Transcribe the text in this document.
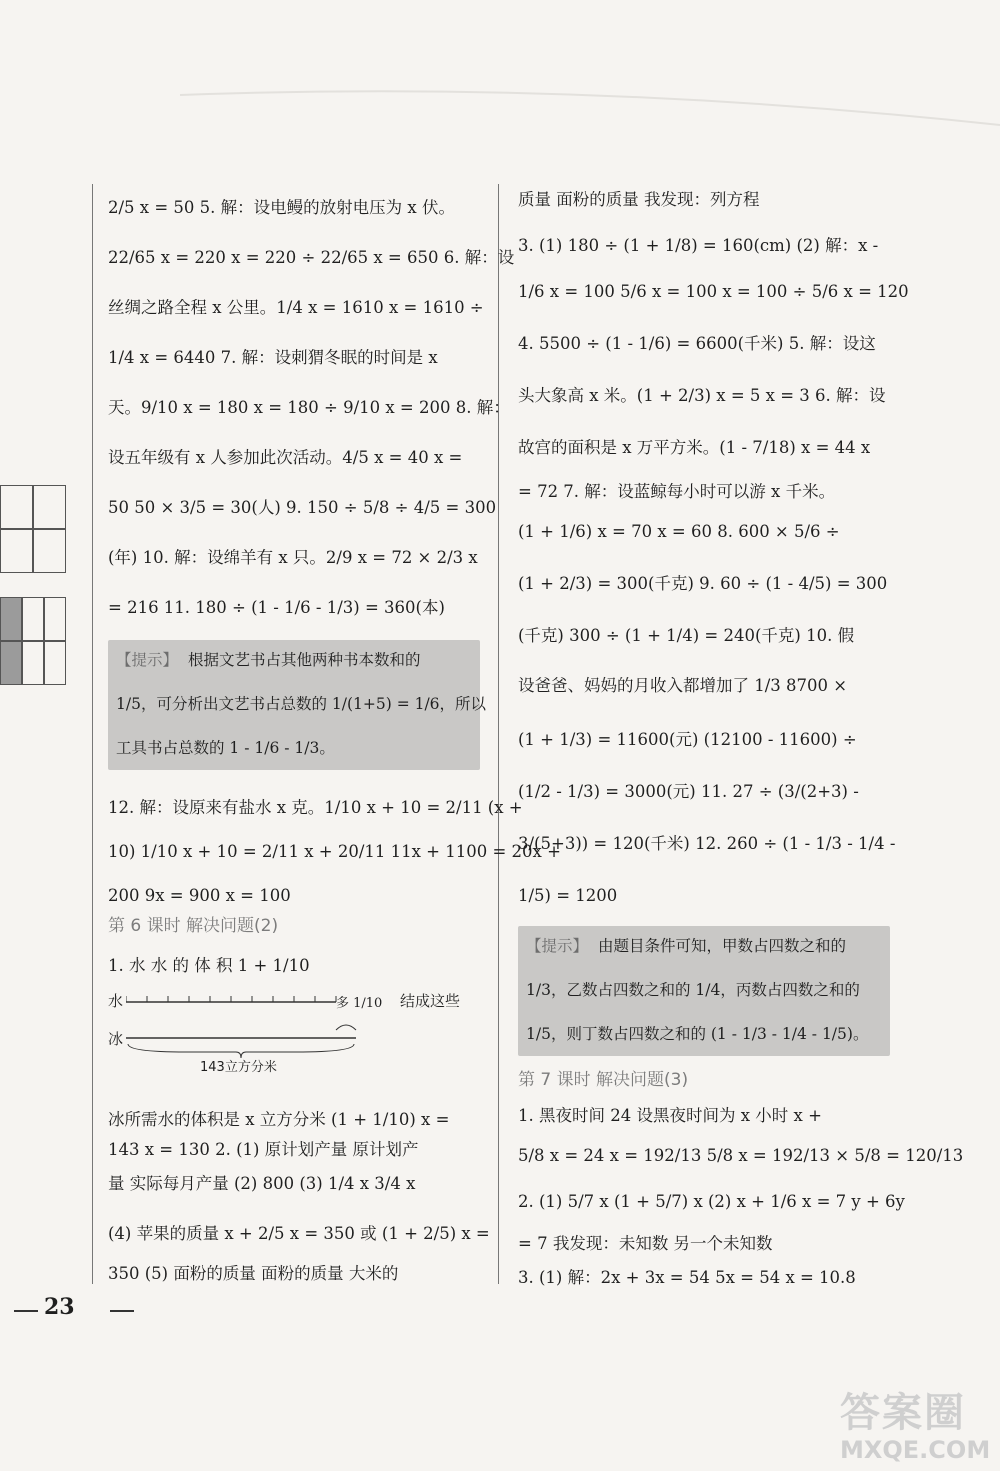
2/5 x = 50 5. 解：设电鳗的放射电压为 x 伏。
22/65 x = 220 x = 220 ÷ 22/65 x = 650 6. 解：设
丝绸之路全程 x 公里。1/4 x = 1610 x = 1610 ÷
1/4 x = 6440 7. 解：设刺猬冬眠的时间是 x
天。9/10 x = 180 x = 180 ÷ 9/10 x = 200 8. 解：
设五年级有 x 人参加此次活动。4/5 x = 40 x =
50 50 × 3/5 = 30(人) 9. 150 ÷ 5/8 ÷ 4/5 = 300
(年) 10. 解：设绵羊有 x 只。2/9 x = 72 × 2/3 x
= 216 11. 180 ÷ (1 - 1/6 - 1/3) = 360(本)
【提示】 根据文艺书占其他两种书本数和的
1/5，可分析出文艺书占总数的 1/(1+5) = 1/6，所以
工具书占总数的 1 - 1/6 - 1/3。
12. 解：设原来有盐水 x 克。1/10 x + 10 = 2/11 (x +
10) 1/10 x + 10 = 2/11 x + 20/11 11x + 1100 = 20x +
200 9x = 900 x = 100
第 6 课时 解决问题(2)
1. 水 水 的 体 积 1 + 1/10
水
冰
多 1/10 结成这些
143立方分米
冰所需水的体积是 x 立方分米 (1 + 1/10) x =
143 x = 130 2. (1) 原计划产量 原计划产
量 实际每月产量 (2) 800 (3) 1/4 x 3/4 x
(4) 苹果的质量 x + 2/5 x = 350 或 (1 + 2/5) x =
350 (5) 面粉的质量 面粉的质量 大米的
质量 面粉的质量 我发现：列方程
3. (1) 180 ÷ (1 + 1/8) = 160(cm) (2) 解：x -
1/6 x = 100 5/6 x = 100 x = 100 ÷ 5/6 x = 120
4. 5500 ÷ (1 - 1/6) = 6600(千米) 5. 解：设这
头大象高 x 米。(1 + 2/3) x = 5 x = 3 6. 解：设
故宫的面积是 x 万平方米。(1 - 7/18) x = 44 x
= 72 7. 解：设蓝鲸每小时可以游 x 千米。
(1 + 1/6) x = 70 x = 60 8. 600 × 5/6 ÷
(1 + 2/3) = 300(千克) 9. 60 ÷ (1 - 4/5) = 300
(千克) 300 ÷ (1 + 1/4) = 240(千克) 10. 假
设爸爸、妈妈的月收入都增加了 1/3 8700 ×
(1 + 1/3) = 11600(元) (12100 - 11600) ÷
(1/2 - 1/3) = 3000(元) 11. 27 ÷ (3/(2+3) -
3/(5+3)) = 120(千米) 12. 260 ÷ (1 - 1/3 - 1/4 -
1/5) = 1200
【提示】 由题目条件可知，甲数占四数之和的
1/3，乙数占四数之和的 1/4，丙数占四数之和的
1/5，则丁数占四数之和的 (1 - 1/3 - 1/4 - 1/5)。
第 7 课时 解决问题(3)
1. 黑夜时间 24 设黑夜时间为 x 小时 x +
5/8 x = 24 x = 192/13 5/8 x = 192/13 × 5/8 = 120/13
2. (1) 5/7 x (1 + 5/7) x (2) x + 1/6 x = 7 y + 6y
= 7 我发现：未知数 另一个未知数
3. (1) 解：2x + 3x = 54 5x = 54 x = 10.8
23
答案圈
MXQE.COM
